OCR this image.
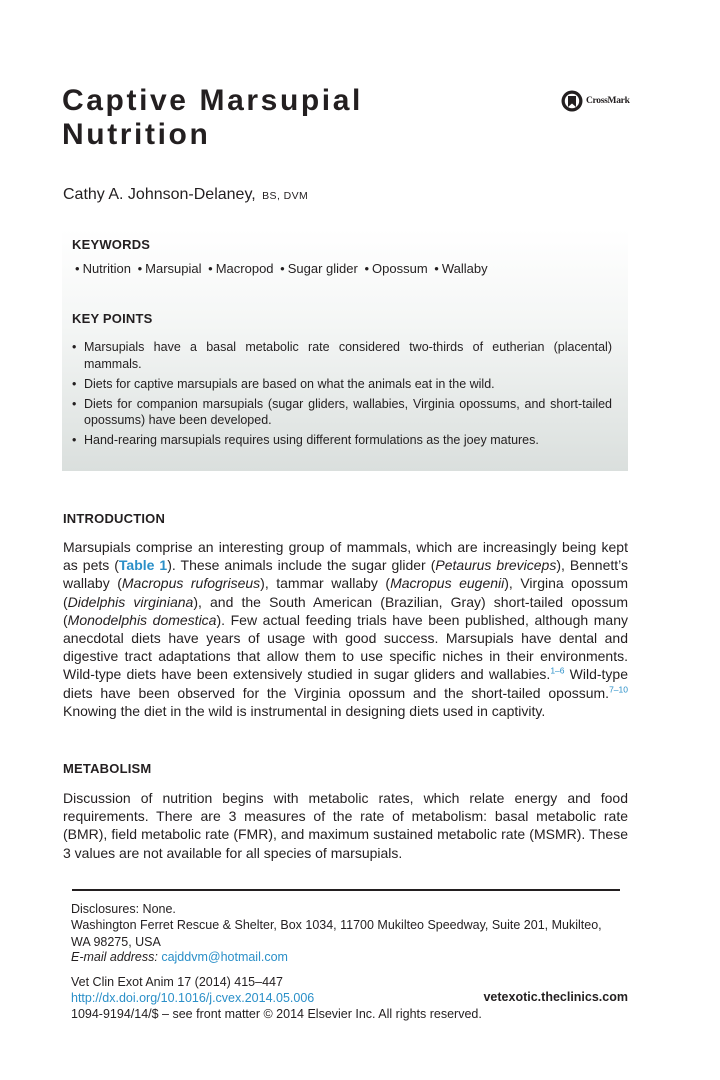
Captive Marsupial
Nutrition
CrossMark

Cathy A. Johnson-Delaney, BS, DVM

KEYWORDS

• Nutrition • Marsupial • Macropod • Sugar glider • Opossum • Wallaby

KEY POINTS

• Marsupials have a basal metabolic rate considered two-thirds of eutherian (placental) mammals.
• Diets for captive marsupials are based on what the animals eat in the wild.
• Diets for companion marsupials (sugar gliders, wallabies, Virginia opossums, and short-tailed opossums) have been developed.
• Hand-rearing marsupials requires using different formulations as the joey matures.
INTRODUCTION

Marsupials comprise an interesting group of mammals, which are increasingly being kept as pets (Table 1). These animals include the sugar glider (Petaurus breviceps), Bennett’s wallaby (Macropus rufogriseus), tammar wallaby (Macropus eugenii), Virgina opossum (Didelphis virginiana), and the South American (Brazilian, Gray) short-tailed opossum (Monodelphis domestica). Few actual feeding trials have been published, although many anecdotal diets have years of usage with good success. Marsupials have dental and digestive tract adaptations that allow them to use specific niches in their environments. Wild-type diets have been extensively studied in sugar gliders and wallabies.$^{1-6}$ Wild-type diets have been observed for the Virginia opossum and the short-tailed opossum.$^{7-10}$ Knowing the diet in the wild is instrumental in designing diets used in captivity.

METABOLISM

Discussion of nutrition begins with metabolic rates, which relate energy and food requirements. There are 3 measures of the rate of metabolism: basal metabolic rate (BMR), field metabolic rate (FMR), and maximum sustained metabolic rate (MSMR). These 3 values are not available for all species of marsupials.

Disclosures: None.

Washington Ferret Rescue & Shelter, Box 1034, 11700 Mukilteo Speedway, Suite 201, Mukilteo,
WA 98275, USA

E-mail address: cajddvm@hotmail.com

Vet Clin Exot Anim 17 (2014) 415–447

http://dx.doi.org/10.1016/j.cvex.2014.05.006	vetexotic.theclinics.com

1094-9194/14/$ – see front matter © 2014 Elsevier Inc. All rights reserved.
